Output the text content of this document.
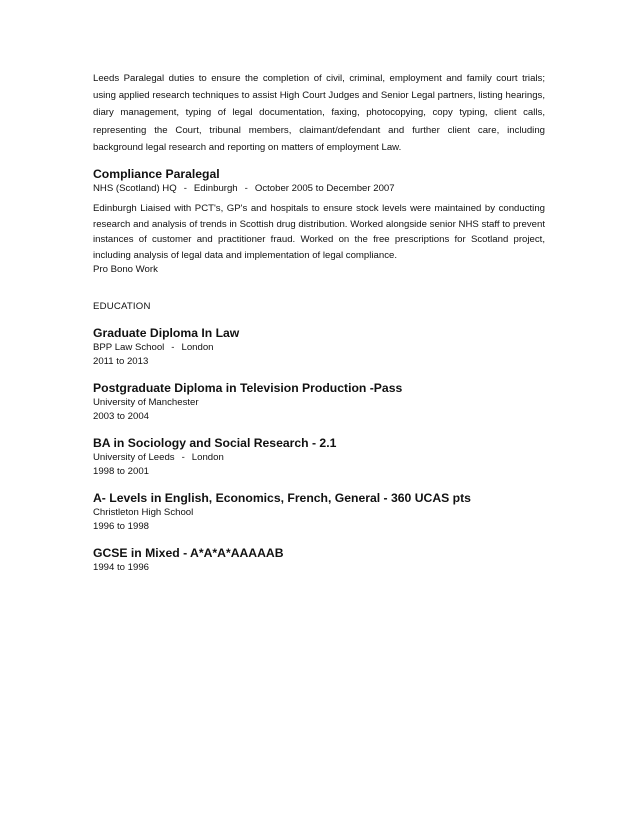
Leeds Paralegal duties to ensure the completion of civil, criminal, employment and family court trials; using applied research techniques to assist High Court Judges and Senior Legal partners, listing hearings, diary management, typing of legal documentation, faxing, photocopying, copy typing, client calls, representing the Court, tribunal members, claimant/defendant and further client care, including background legal research and reporting on matters of employment Law.

Compliance Paralegal

NHS (Scotland) HQ - Edinburgh - October 2005 to December 2007

Edinburgh Liaised with PCT's, GP's and hospitals to ensure stock levels were maintained by conducting research and analysis of trends in Scottish drug distribution. Worked alongside senior NHS staff to prevent instances of customer and practitioner fraud. Worked on the free prescriptions for Scotland project, including analysis of legal data and implementation of legal compliance.

Pro Bono Work

EDUCATION

Graduate Diploma In Law

BPP Law School - London

2011 to 2013

Postgraduate Diploma in Television Production -Pass

University of Manchester

2003 to 2004

BA in Sociology and Social Research - 2.1

University of Leeds - London

1998 to 2001

A- Levels in English, Economics, French, General - 360 UCAS pts

Christleton High School

1996 to 1998

GCSE in Mixed - A*A*A*AAAAAB

1994 to 1996
